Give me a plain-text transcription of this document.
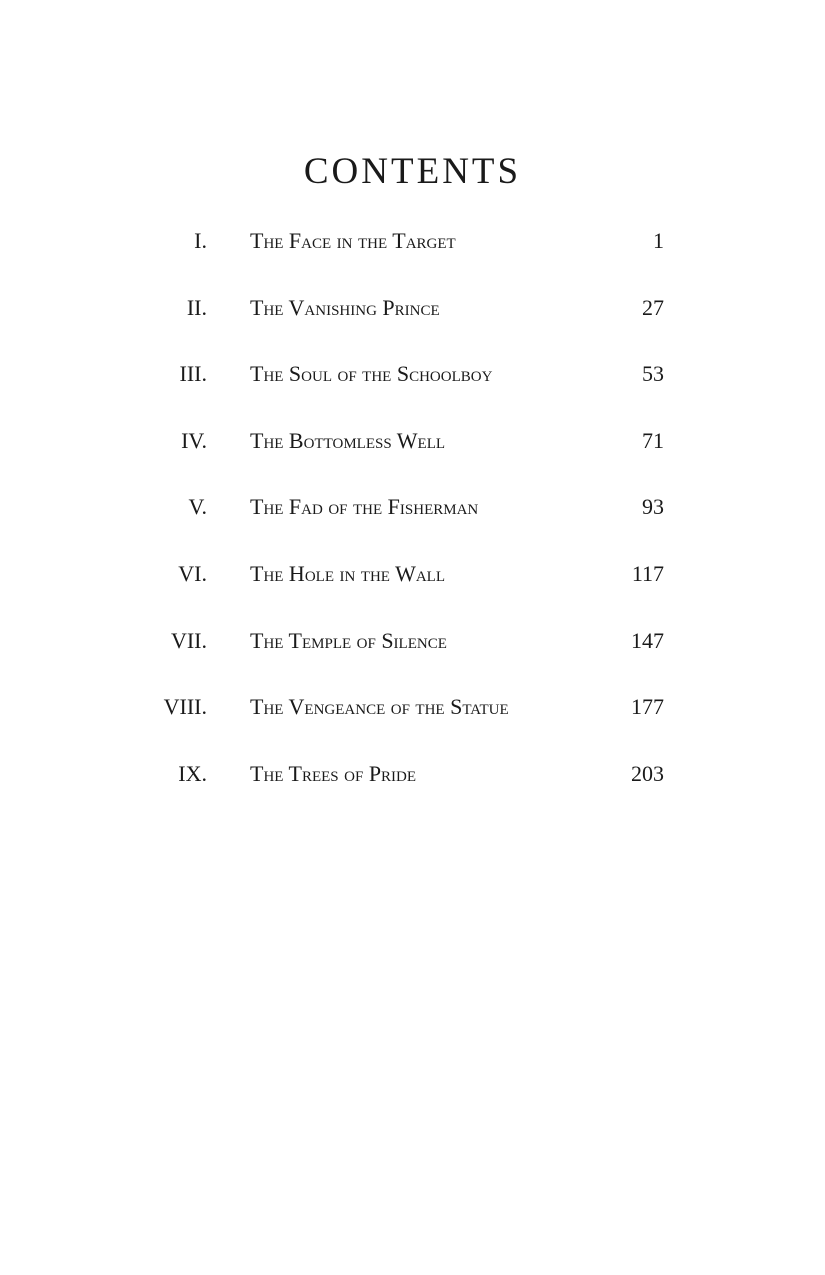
CONTENTS
I. The Face in the Target	1
II. The Vanishing Prince	27
III. The Soul of the Schoolboy	53
IV. The Bottomless Well	71
V. The Fad of the Fisherman	93
VI. The Hole in the Wall	117
VII. The Temple of Silence	147
VIII. The Vengeance of the Statue	177
IX. The Trees of Pride	203
